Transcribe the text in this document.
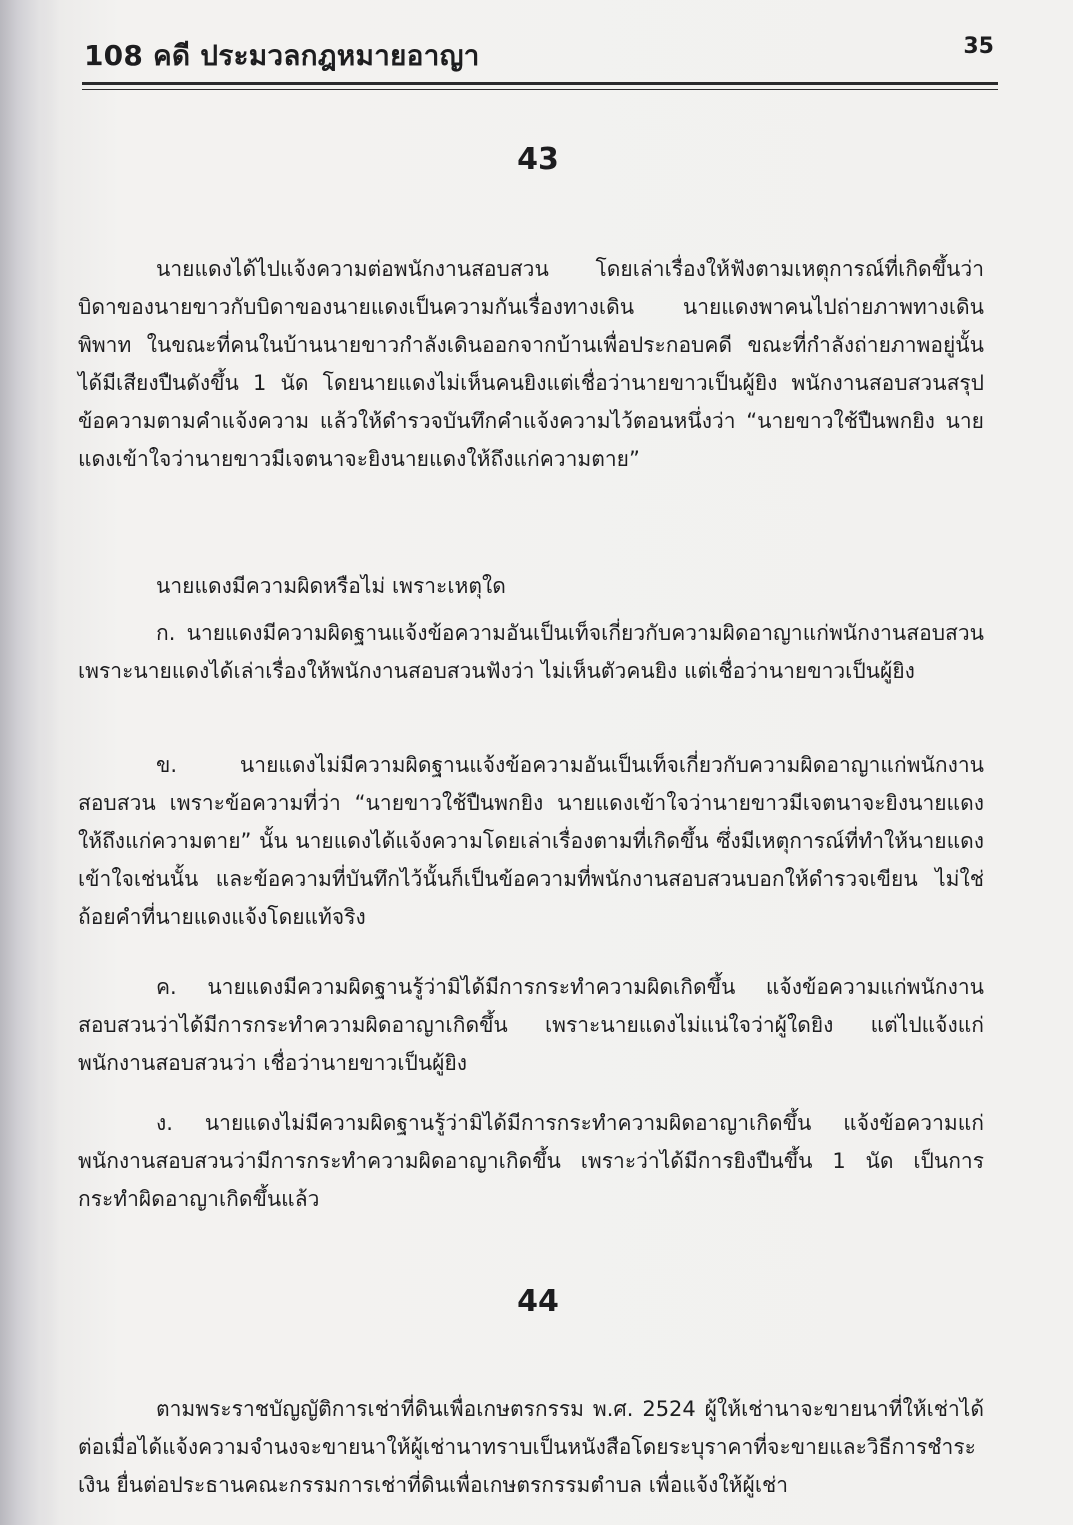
108 คดี ประมวลกฎหมายอาญา	35
43

นายแดงได้ไปแจ้งความต่อพนักงานสอบสวน โดยเล่าเรื่องให้ฟังตามเหตุการณ์ที่เกิดขึ้นว่า บิดาของนายขาวกับบิดาของนายแดงเป็นความกันเรื่องทางเดิน นายแดงพาคนไปถ่ายภาพทางเดินพิพาท ในขณะที่คนในบ้านนายขาวกำลังเดินออกจากบ้านเพื่อประกอบคดี ขณะที่กำลังถ่ายภาพอยู่นั้นได้มีเสียงปืนดังขึ้น 1 นัด โดยนายแดงไม่เห็นคนยิงแต่เชื่อว่านายขาวเป็นผู้ยิง พนักงานสอบสวนสรุปข้อความตามคำแจ้งความ แล้วให้ดำรวจบันทึกคำแจ้งความไว้ตอนหนึ่งว่า “นายขาวใช้ปืนพกยิง นายแดงเข้าใจว่านายขาวมีเจตนาจะยิงนายแดงให้ถึงแก่ความตาย”

นายแดงมีความผิดหรือไม่ เพราะเหตุใด

ก. นายแดงมีความผิดฐานแจ้งข้อความอันเป็นเท็จเกี่ยวกับความผิดอาญาแก่พนักงานสอบสวน เพราะนายแดงได้เล่าเรื่องให้พนักงานสอบสวนฟังว่า ไม่เห็นตัวคนยิง แต่เชื่อว่านายขาวเป็นผู้ยิง

ข. นายแดงไม่มีความผิดฐานแจ้งข้อความอันเป็นเท็จเกี่ยวกับความผิดอาญาแก่พนักงานสอบสวน เพราะข้อความที่ว่า “นายขาวใช้ปืนพกยิง นายแดงเข้าใจว่านายขาวมีเจตนาจะยิงนายแดงให้ถึงแก่ความตาย” นั้น นายแดงได้แจ้งความโดยเล่าเรื่องตามที่เกิดขึ้น ซึ่งมีเหตุการณ์ที่ทำให้นายแดงเข้าใจเช่นนั้น และข้อความที่บันทึกไว้นั้นก็เป็นข้อความที่พนักงานสอบสวนบอกให้ดำรวจเขียน ไม่ใช่ถ้อยคำที่นายแดงแจ้งโดยแท้จริง

ค. นายแดงมีความผิดฐานรู้ว่ามิได้มีการกระทำความผิดเกิดขึ้น แจ้งข้อความแก่พนักงานสอบสวนว่าได้มีการกระทำความผิดอาญาเกิดขึ้น เพราะนายแดงไม่แน่ใจว่าผู้ใดยิง แต่ไปแจ้งแก่พนักงานสอบสวนว่า เชื่อว่านายขาวเป็นผู้ยิง

ง. นายแดงไม่มีความผิดฐานรู้ว่ามิได้มีการกระทำความผิดอาญาเกิดขึ้น แจ้งข้อความแก่พนักงานสอบสวนว่ามีการกระทำความผิดอาญาเกิดขึ้น เพราะว่าได้มีการยิงปืนขึ้น 1 นัด เป็นการกระทำผิดอาญาเกิดขึ้นแล้ว

44

ตามพระราชบัญญัติการเช่าที่ดินเพื่อเกษตรกรรม พ.ศ. 2524 ผู้ให้เช่านาจะขายนาที่ให้เช่าได้ต่อเมื่อได้แจ้งความจำนงจะขายนาให้ผู้เช่านาทราบเป็นหนังสือโดยระบุราคาที่จะขายและวิธีการชำระเงิน ยื่นต่อประธานคณะกรรมการเช่าที่ดินเพื่อเกษตรกรรมตำบล เพื่อแจ้งให้ผู้เช่า
